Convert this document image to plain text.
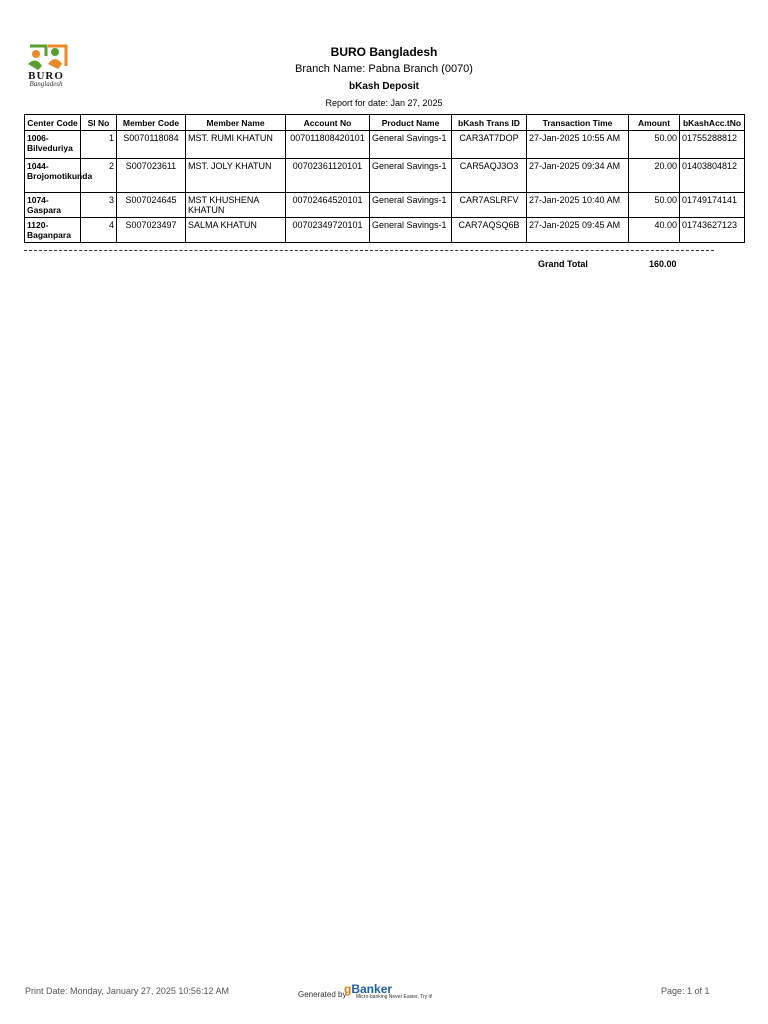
BURO
Bangladesh
BURO Bangladesh
Branch Name: Pabna Branch (0070)
bKash Deposit
Report for date: Jan 27, 2025
Center Code	Sl No	Member Code	Member Name	Account No	Product Name	bKash Trans ID	Transaction Time	Amount	bKashAcc.tNo
1006-Bilveduriya	1	S0070118084	MST. RUMI KHATUN	007011808420101	General Savings-1	CAR3AT7DOP	27-Jan-2025 10:55 AM	50.00	01755288812
1044-Brojomotikunda	2	S007023611	MST. JOLY KHATUN	00702361120101	General Savings-1	CAR5AQJ3O3	27-Jan-2025 09:34 AM	20.00	01403804812
1074-Gaspara	3	S007024645	MST KHUSHENA KHATUN	00702464520101	General Savings-1	CAR7ASLRFV	27-Jan-2025 10:40 AM	50.00	01749174141
1120-Baganpara	4	S007023497	SALMA KHATUN	00702349720101	General Savings-1	CAR7AQSQ6B	27-Jan-2025 09:45 AM	40.00	01743627123
Grand Total	160.00
Print Date: Monday, January 27, 2025 10:56:12 AM	Generated by
gBanker
Micro-banking Never Easier, Try it!
Page: 1 of 1
